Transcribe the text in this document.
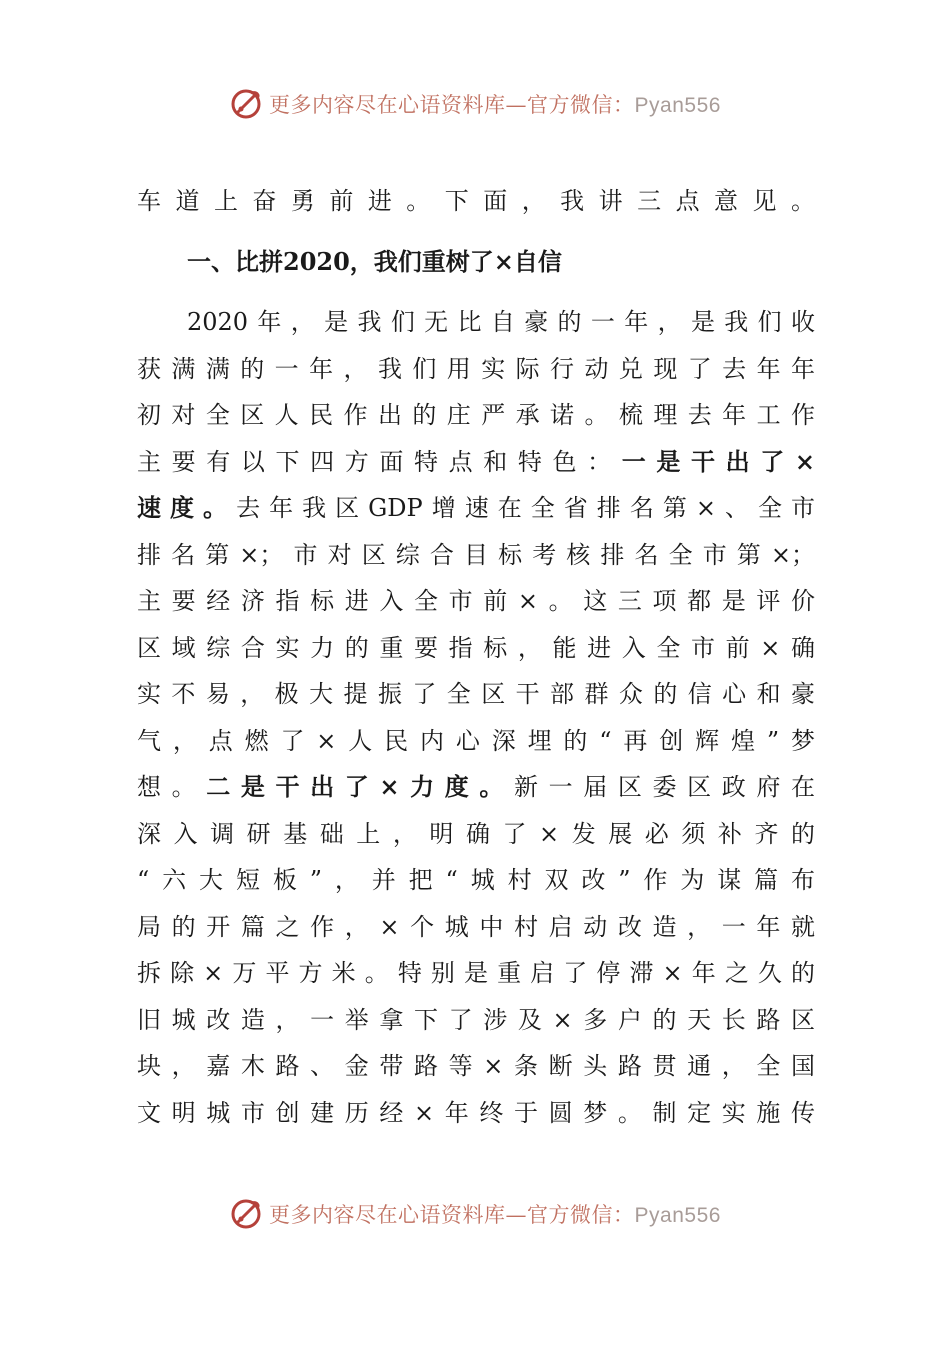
更多内容尽在心语资料库—官方微信：Pyan556
车道上奋勇前进。下面，我讲三点意见。
一、比拼2020，我们重树了×自信
2020年，是我们无比自豪的一年，是我们收
获满满的一年，我们用实际行动兑现了去年年
初对全区人民作出的庄严承诺。梳理去年工作
主要有以下四方面特点和特色：一是干出了×
速度。去年我区GDP增速在全省排名第×、全市
排名第×；市对区综合目标考核排名全市第×；
主要经济指标进入全市前×。这三项都是评价
区域综合实力的重要指标，能进入全市前×确
实不易，极大提振了全区干部群众的信心和豪
气，点燃了×人民内心深埋的“再创辉煌”梦
想。二是干出了×力度。新一届区委区政府在
深入调研基础上，明确了×发展必须补齐的
“六大短板”，并把“城村双改”作为谋篇布
局的开篇之作，×个城中村启动改造，一年就
拆除×万平方米。特别是重启了停滞×年之久的
旧城改造，一举拿下了涉及×多户的天长路区
块，嘉木路、金带路等×条断头路贯通，全国
文明城市创建历经×年终于圆梦。制定实施传
更多内容尽在心语资料库—官方微信：Pyan556
